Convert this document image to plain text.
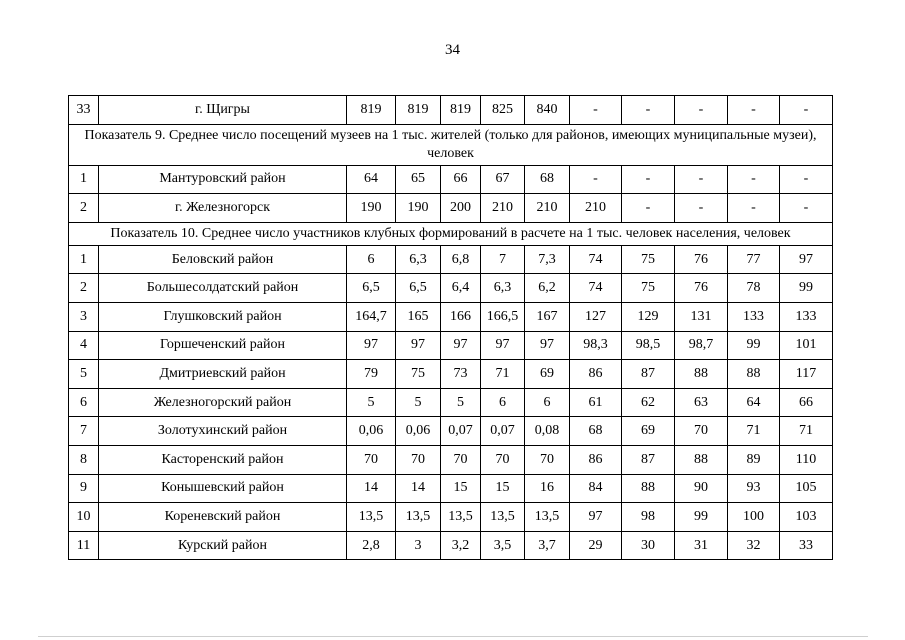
34
33	г. Щигры	819	819	819	825	840	-	-	-	-	-
Показатель 9. Среднее число посещений музеев на 1 тыс. жителей (только для районов, имеющих муниципальные музеи), человек											
1	Мантуровский район	64	65	66	67	68	-	-	-	-	-
2	г. Железногорск	190	190	200	210	210	210	-	-	-	-
Показатель 10. Среднее число участников клубных формирований в расчете на 1 тыс. человек населения, человек											
1	Беловский район	6	6,3	6,8	7	7,3	74	75	76	77	97
2	Большесолдатский район	6,5	6,5	6,4	6,3	6,2	74	75	76	78	99
3	Глушковский район	164,7	165	166	166,5	167	127	129	131	133	133
4	Горшеченский район	97	97	97	97	97	98,3	98,5	98,7	99	101
5	Дмитриевский район	79	75	73	71	69	86	87	88	88	117
6	Железногорский район	5	5	5	6	6	61	62	63	64	66
7	Золотухинский район	0,06	0,06	0,07	0,07	0,08	68	69	70	71	71
8	Касторенский район	70	70	70	70	70	86	87	88	89	110
9	Конышевский район	14	14	15	15	16	84	88	90	93	105
10	Кореневский район	13,5	13,5	13,5	13,5	13,5	97	98	99	100	103
11	Курский район	2,8	3	3,2	3,5	3,7	29	30	31	32	33
